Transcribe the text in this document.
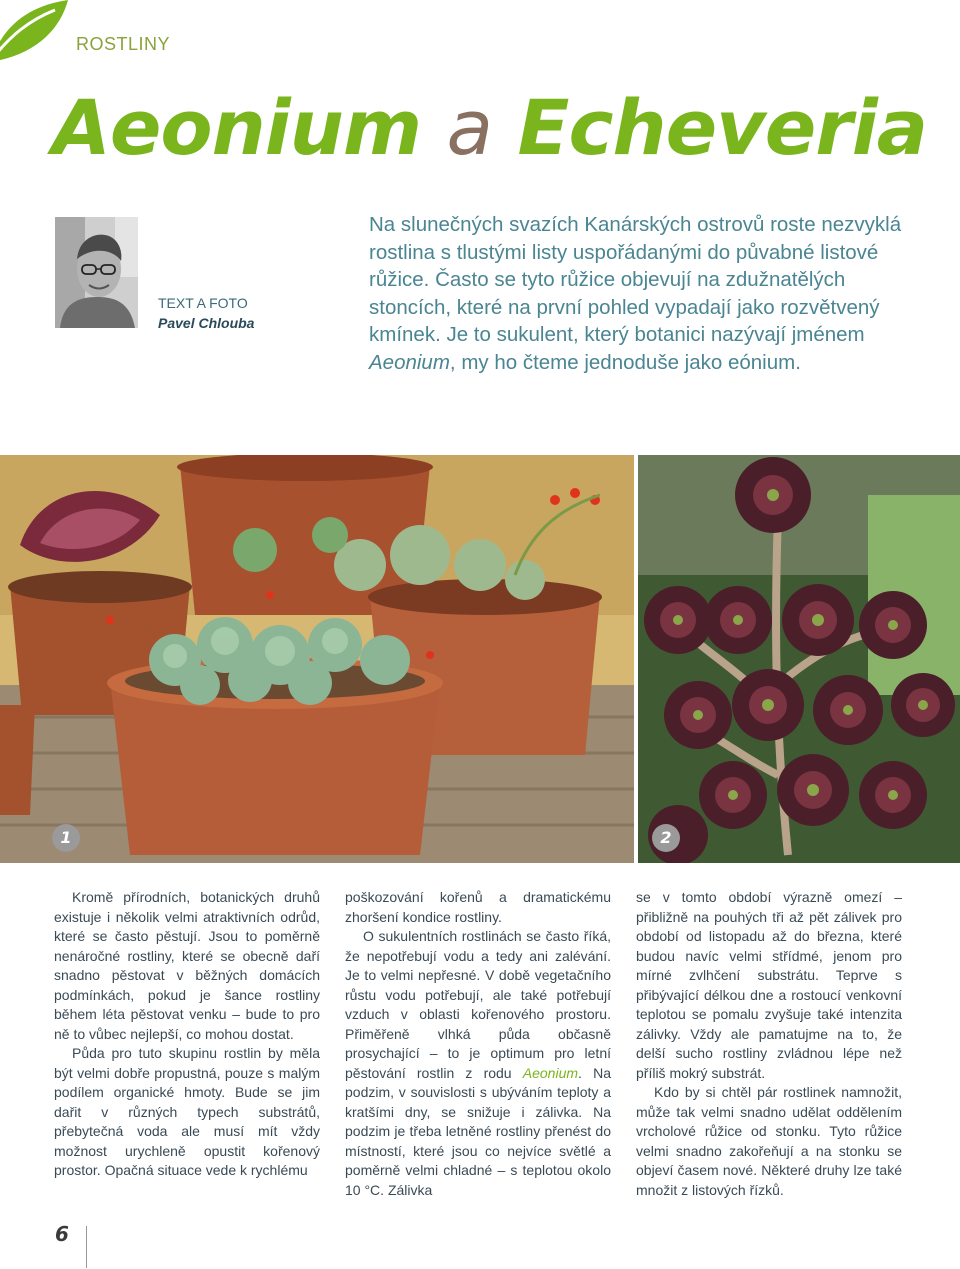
ROSTLINY
Aeonium a Echeveria
TEXT A FOTO
Pavel Chlouba

Na slunečných svazích Kanárských ostrovů roste nezvyklá rostlina s tlustými listy uspořádanými do půvabné listové růžice. Často se tyto růžice objevují na zdužnatělých stoncích, které na první pohled vypadají jako rozvětvený kmínek. Je to sukulent, který botanici nazývají jménem Aeonium, my ho čteme jednoduše jako eónium.

1	2

Kromě přírodních, botanických druhů existuje i několik velmi atraktivních odrůd, které se často pěstují. Jsou to poměrně nenáročné rostliny, které se obecně daří snadno pěstovat v běžných domácích podmínkách, pokud je šance rostliny během léta pěstovat venku – bude to pro ně to vůbec nejlepší, co mohou dostat.

Půda pro tuto skupinu rostlin by měla být velmi dobře propustná, pouze s malým podílem organické hmoty. Bude se jim dařit v různých typech substrátů, přebytečná voda ale musí mít vždy možnost urychleně opustit kořenový prostor. Opačná situace vede k rychlému

poškozování kořenů a dramatickému zhoršení kondice rostliny.

O sukulentních rostlinách se často říká, že nepotřebují vodu a tedy ani zalévání. Je to velmi nepřesné. V době vegetačního růstu vodu potřebují, ale také potřebují vzduch v oblasti kořenového prostoru. Přiměřeně vlhká půda občasně prosychající – to je optimum pro letní pěstování rostlin z rodu Aeonium. Na podzim, v souvislosti s ubýváním teploty a kratšími dny, se snižuje i zálivka. Na podzim je třeba letněné rostliny přenést do místností, které jsou co nejvíce světlé a poměrně velmi chladné – s teplotou okolo 10 °C. Zálivka

se v tomto období výrazně omezí – přibližně na pouhých tři až pět zálivek pro období od listopadu až do března, které budou navíc velmi střídmé, jenom pro mírné zvlhčení substrátu. Teprve s přibývající délkou dne a rostoucí venkovní teplotou se pomalu zvyšuje také intenzita zálivky. Vždy ale pamatujme na to, že delší sucho rostliny zvládnou lépe než příliš mokrý substrát.

Kdo by si chtěl pár rostlinek namnožit, může tak velmi snadno udělat oddělením vrcholové růžice od stonku. Tyto růžice velmi snadno zakořeňují a na stonku se objeví časem nové. Některé druhy lze také množit z listových řízků.

6
